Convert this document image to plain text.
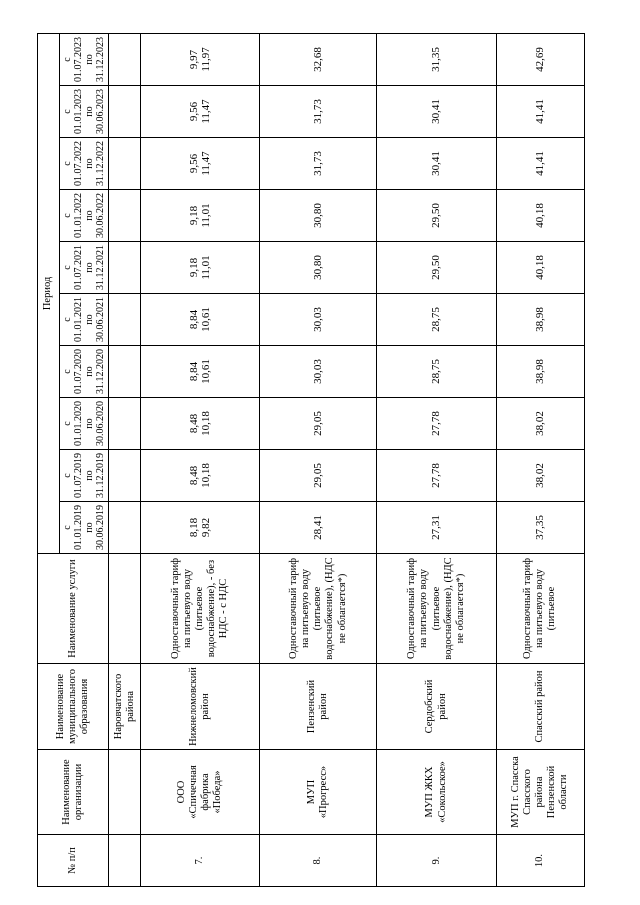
№ п/п	Наименование организации	Наименование муниципального образования	Наименование услуги	Период									
				с 01.01.2019 по 30.06.2019	с 01.07.2019 по 31.12.2019	с 01.01.2020 по 30.06.2020	с 01.07.2020 по 31.12.2020	с 01.01.2021 по 30.06.2021	с 01.07.2021 по 31.12.2021	с 01.01.2022 по 30.06.2022	с 01.07.2022 по 31.12.2022	с 01.01.2023 по 30.06.2023	с 01.07.2023 по 31.12.2023
		Наровчатского района											
7.	ООО «Спичечная фабрика «Победа»	Нижнеломовский район	Одноставочный тариф на питьевую воду (питьевое водоснабжение), - без НДС - с НДС	8,18 9,82	8,48 10,18	8,48 10,18	8,84 10,61	8,84 10,61	9,18 11,01	9,18 11,01	9,56 11,47	9,56 11,47	9,97 11,97

8.	МУП «Прогресс»	Пензенский район	Одноставочный тариф на питьевую воду (питьевое водоснабжение), (НДС не облагается*)	28,41	29,05	29,05	30,03	30,03	30,80	30,80	31,73	31,73	32,68
9.	МУП ЖКХ «Сокольское»	Сердобский район	Одноставочный тариф на питьевую воду (питьевое водоснабжение), (НДС не облагается*)	27,31	27,78	27,78	28,75	28,75	29,50	29,50	30,41	30,41	31,35
10.	МУП г. Спасска Спасского района Пензенской области	Спасский район	Одноставочный тариф на питьевую воду (питьевое	37,35	38,02	38,02	38,98	38,98	40,18	40,18	41,41	41,41	42,69
